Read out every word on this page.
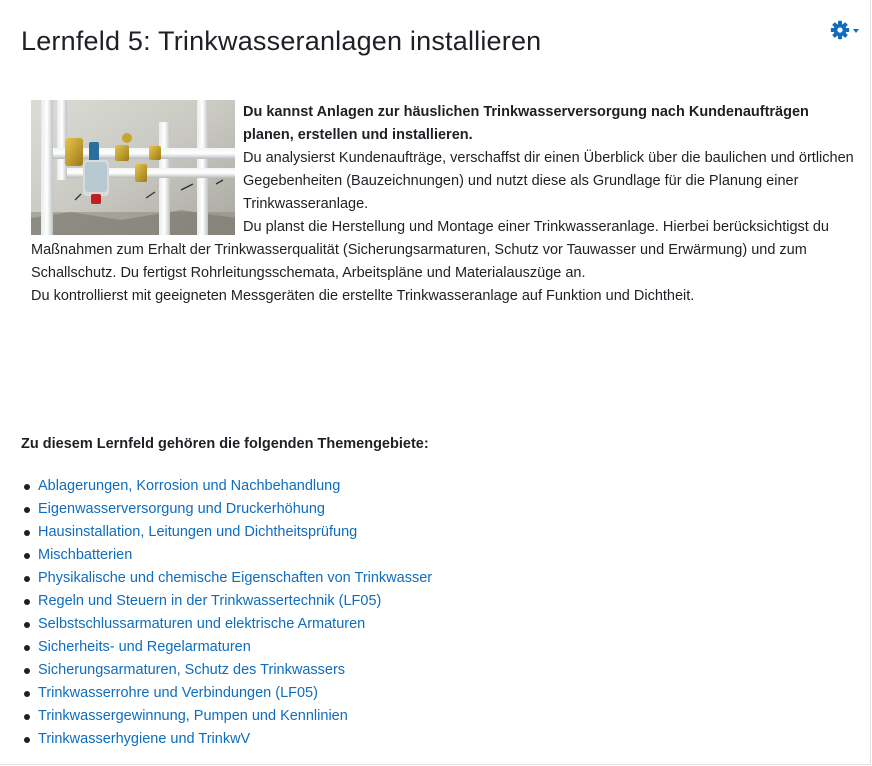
Lernfeld 5: Trinkwasseranlagen installieren

Du kannst Anlagen zur häuslichen Trinkwasserversorgung nach Kundenaufträgen planen, erstellen und installieren.

Du analysierst Kundenaufträge, verschaffst dir einen Überblick über die baulichen und örtlichen Gegebenheiten (Bauzeichnungen) und nutzt diese als Grundlage für die Planung einer Trinkwasseranlage.

Du planst die Herstellung und Montage einer Trinkwasseranlage. Hierbei berücksichtigst du Maßnahmen zum Erhalt der Trinkwasserqualität (Sicherungsarmaturen, Schutz vor Tauwasser und Erwärmung) und zum Schallschutz. Du fertigst Rohrleitungsschemata, Arbeitspläne und Materialauszüge an.

Du kontrollierst mit geeigneten Messgeräten die erstellte Trinkwasseranlage auf Funktion und Dichtheit.

Zu diesem Lernfeld gehören die folgenden Themengebiete:
Ablagerungen, Korrosion und Nachbehandlung
Eigenwasserversorgung und Druckerhöhung
Hausinstallation, Leitungen und Dichtheitsprüfung
Mischbatterien
Physikalische und chemische Eigenschaften von Trinkwasser
Regeln und Steuern in der Trinkwassertechnik (LF05)
Selbstschlussarmaturen und elektrische Armaturen
Sicherheits- und Regelarmaturen
Sicherungsarmaturen, Schutz des Trinkwassers
Trinkwasserrohre und Verbindungen (LF05)
Trinkwassergewinnung, Pumpen und Kennlinien
Trinkwasserhygiene und TrinkwV
